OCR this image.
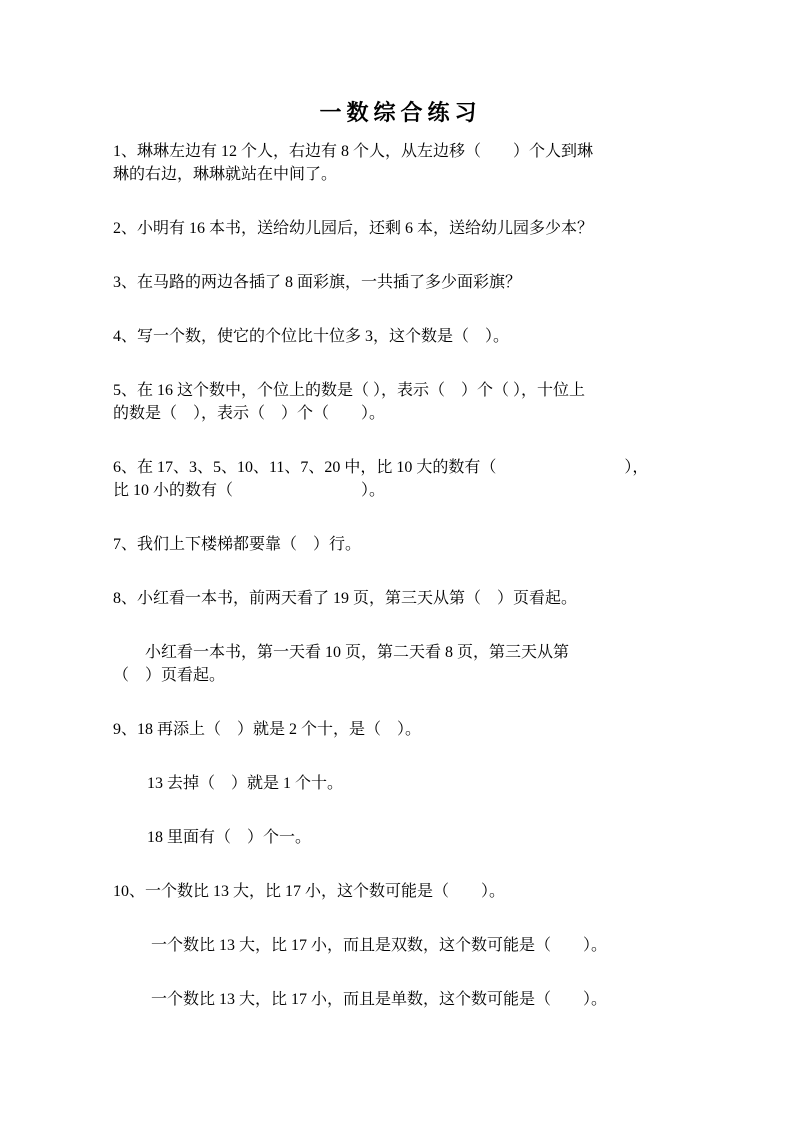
一数综合练习

1、琳琳左边有 12 个人，右边有 8 个人，从左边移（　　）个人到琳
琳的右边，琳琳就站在中间了。

2、小明有 16 本书，送给幼儿园后，还剩 6 本，送给幼儿园多少本？

3、在马路的两边各插了 8 面彩旗，一共插了多少面彩旗？

4、写一个数，使它的个位比十位多 3，这个数是（　）。

5、在 16 这个数中，个位上的数是（ ），表示（　）个（ ），十位上
的数是（　），表示（　）个（　　）。

6、在 17、3、5、10、11、7、20 中，比 10 大的数有（　　　　　　　　），
比 10 小的数有（　　　　　　　　）。

7、我们上下楼梯都要靠（　）行。

8、小红看一本书，前两天看了 19 页，第三天从第（　）页看起。

小红看一本书，第一天看 10 页，第二天看 8 页，第三天从第
（　）页看起。

9、18 再添上（　）就是 2 个十，是（　）。

13 去掉（　）就是 1 个十。

18 里面有（　）个一。

10、一个数比 13 大，比 17 小，这个数可能是（　　）。

一个数比 13 大，比 17 小，而且是双数，这个数可能是（　　）。

一个数比 13 大，比 17 小，而且是单数，这个数可能是（　　）。
